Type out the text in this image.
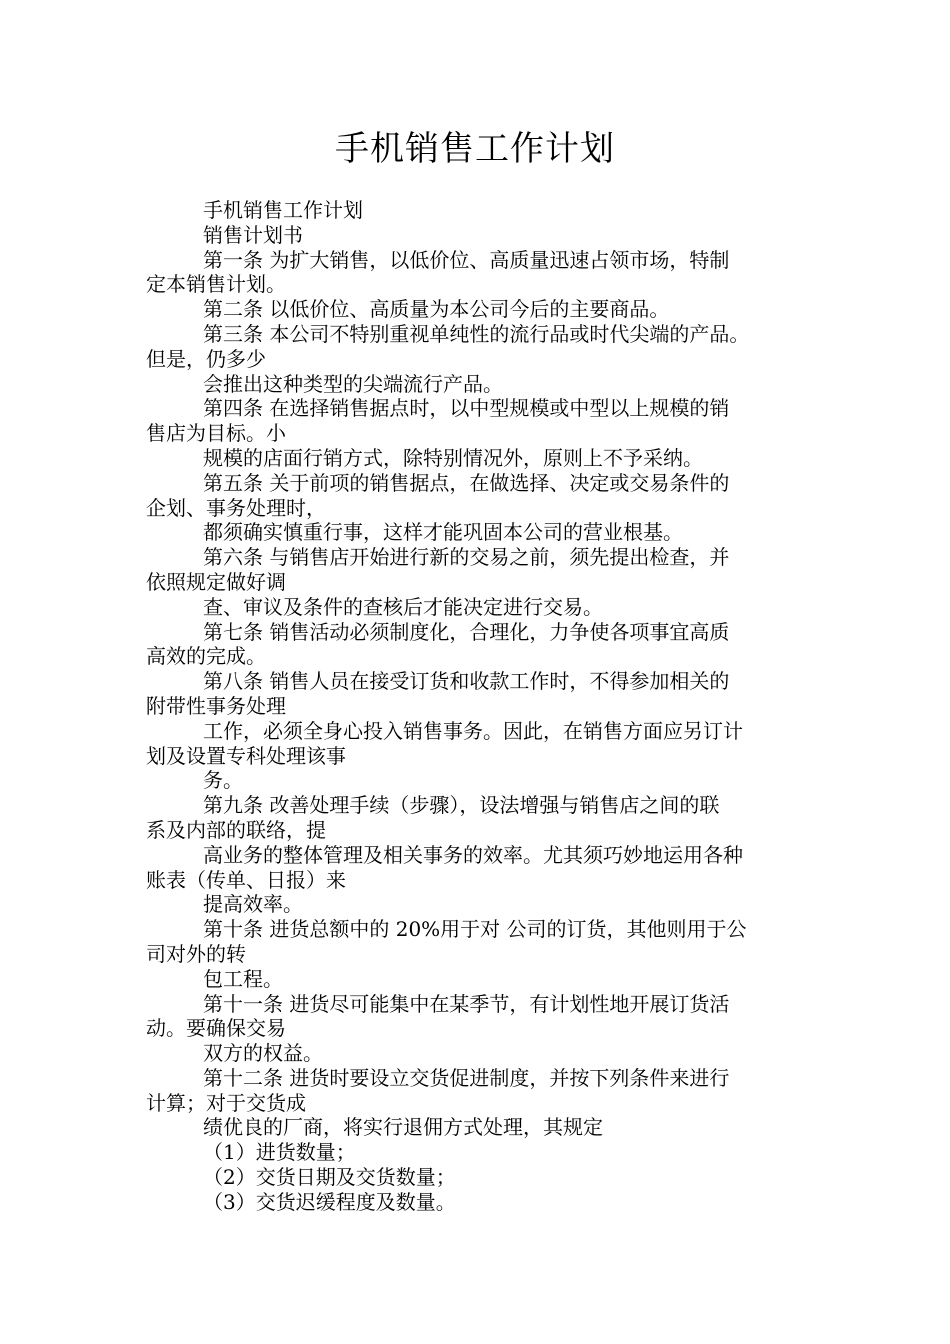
手机销售工作计划
手机销售工作计划
销售计划书
第一条 为扩大销售，以低价位、高质量迅速占领市场，特制
定本销售计划。
第二条 以低价位、高质量为本公司今后的主要商品。
第三条 本公司不特别重视单纯性的流行品或时代尖端的产品。
但是，仍多少
会推出这种类型的尖端流行产品。
第四条 在选择销售据点时，以中型规模或中型以上规模的销
售店为目标。小
规模的店面行销方式，除特别情况外，原则上不予采纳。
第五条 关于前项的销售据点，在做选择、决定或交易条件的
企划、事务处理时，
都须确实慎重行事，这样才能巩固本公司的营业根基。
第六条 与销售店开始进行新的交易之前，须先提出检查，并
依照规定做好调
查、审议及条件的查核后才能决定进行交易。
第七条 销售活动必须制度化，合理化，力争使各项事宜高质
高效的完成。
第八条 销售人员在接受订货和收款工作时，不得参加相关的
附带性事务处理
工作，必须全身心投入销售事务。因此，在销售方面应另订计
划及设置专科处理该事
务。
第九条 改善处理手续（步骤），设法增强与销售店之间的联
系及内部的联络，提
高业务的整体管理及相关事务的效率。尤其须巧妙地运用各种
账表（传单、日报）来
提高效率。
第十条 进货总额中的 20%用于对 公司的订货，其他则用于公
司对外的转
包工程。
第十一条 进货尽可能集中在某季节，有计划性地开展订货活
动。要确保交易
双方的权益。
第十二条 进货时要设立交货促进制度，并按下列条件来进行
计算；对于交货成
绩优良的厂商，将实行退佣方式处理，其规定
（1）进货数量；
（2）交货日期及交货数量；
（3）交货迟缓程度及数量。
